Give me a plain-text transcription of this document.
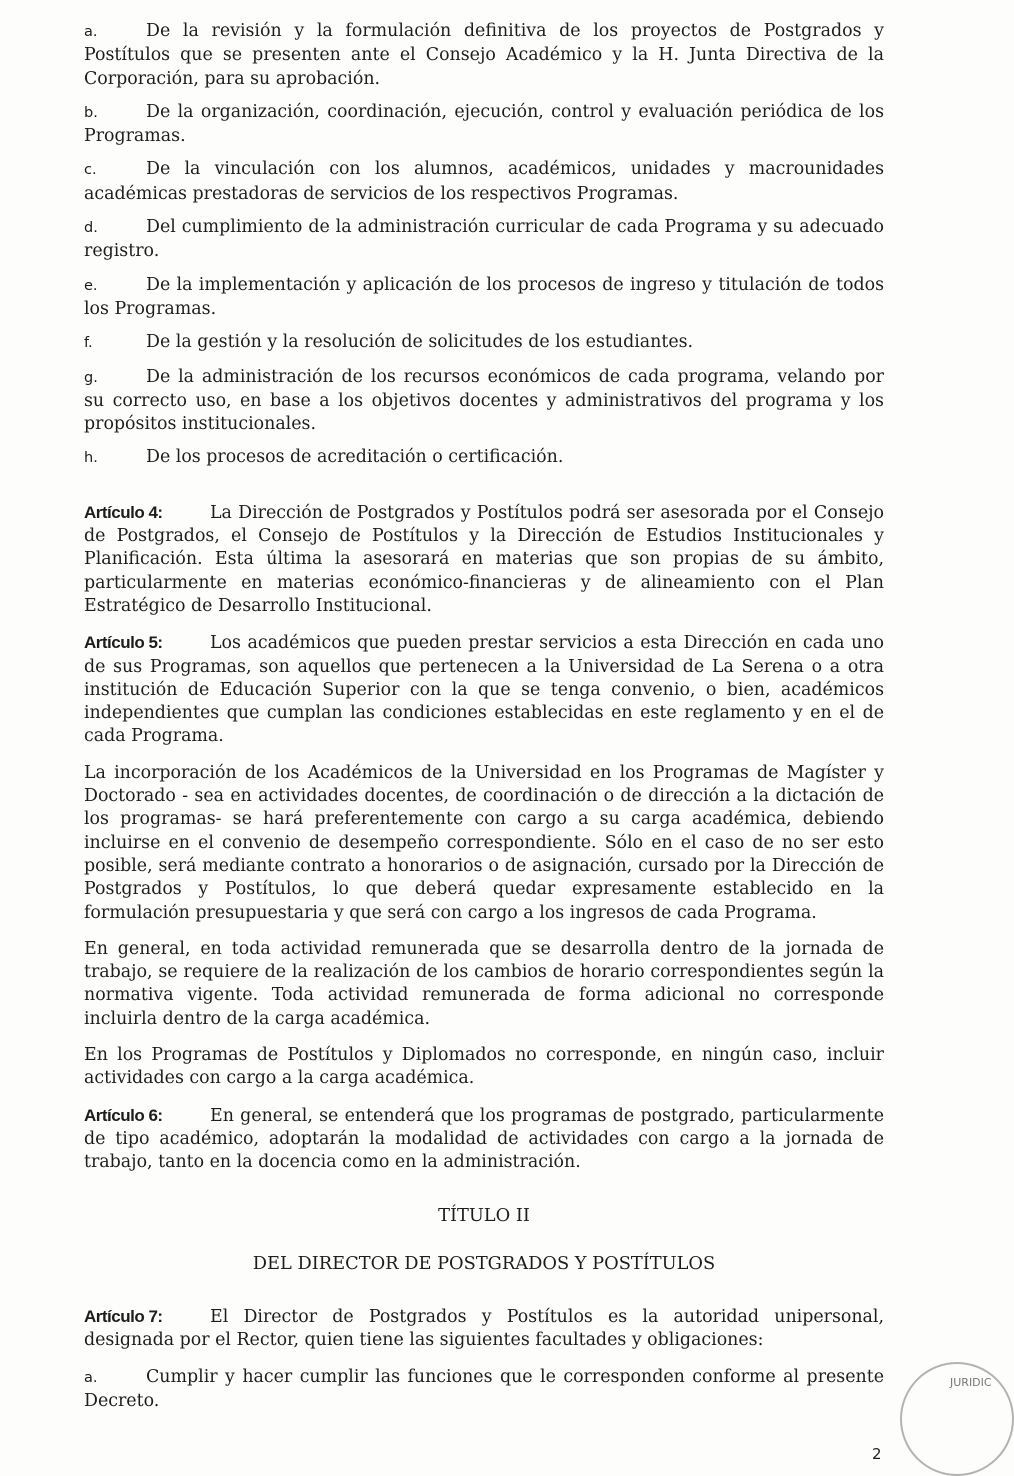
a.	De la revisión y la formulación definitiva de los proyectos de Postgrados y Postítulos que se presenten ante el Consejo Académico y la H. Junta Directiva de la Corporación, para su aprobación.

b.	De la organización, coordinación, ejecución, control y evaluación periódica de los Programas.

c.	De la vinculación con los alumnos, académicos, unidades y macrounidades académicas prestadoras de servicios de los respectivos Programas.

d.	Del cumplimiento de la administración curricular de cada Programa y su adecuado registro.

e.	De la implementación y aplicación de los procesos de ingreso y titulación de todos los Programas.

f.	De la gestión y la resolución de solicitudes de los estudiantes.

g.	De la administración de los recursos económicos de cada programa, velando por su correcto uso, en base a los objetivos docentes y administrativos del programa y los propósitos institucionales.

h.	De los procesos de acreditación o certificación.

Artículo 4:	La Dirección de Postgrados y Postítulos podrá ser asesorada por el Consejo de Postgrados, el Consejo de Postítulos y la Dirección de Estudios Institucionales y Planificación. Esta última la asesorará en materias que son propias de su ámbito, particularmente en materias económico-financieras y de alineamiento con el Plan Estratégico de Desarrollo Institucional.

Artículo 5:	Los académicos que pueden prestar servicios a esta Dirección en cada uno de sus Programas, son aquellos que pertenecen a la Universidad de La Serena o a otra institución de Educación Superior con la que se tenga convenio, o bien, académicos independientes que cumplan las condiciones establecidas en este reglamento y en el de cada Programa.

La incorporación de los Académicos de la Universidad en los Programas de Magíster y Doctorado - sea en actividades docentes, de coordinación o de dirección a la dictación de los programas- se hará preferentemente con cargo a su carga académica, debiendo incluirse en el convenio de desempeño correspondiente. Sólo en el caso de no ser esto posible, será mediante contrato a honorarios o de asignación, cursado por la Dirección de Postgrados y Postítulos, lo que deberá quedar expresamente establecido en la formulación presupuestaria y que será con cargo a los ingresos de cada Programa.

En general, en toda actividad remunerada que se desarrolla dentro de la jornada de trabajo, se requiere de la realización de los cambios de horario correspondientes según la normativa vigente. Toda actividad remunerada de forma adicional no corresponde incluirla dentro de la carga académica.

En los Programas de Postítulos y Diplomados no corresponde, en ningún caso, incluir actividades con cargo a la carga académica.

Artículo 6:	En general, se entenderá que los programas de postgrado, particularmente de tipo académico, adoptarán la modalidad de actividades con cargo a la jornada de trabajo, tanto en la docencia como en la administración.

TÍTULO II

DEL DIRECTOR DE POSTGRADOS Y POSTÍTULOS

Artículo 7:	El Director de Postgrados y Postítulos es la autoridad unipersonal, designada por el Rector, quien tiene las siguientes facultades y obligaciones:

a.	Cumplir y hacer cumplir las funciones que le corresponden conforme al presente Decreto.

JURIDIC
2
